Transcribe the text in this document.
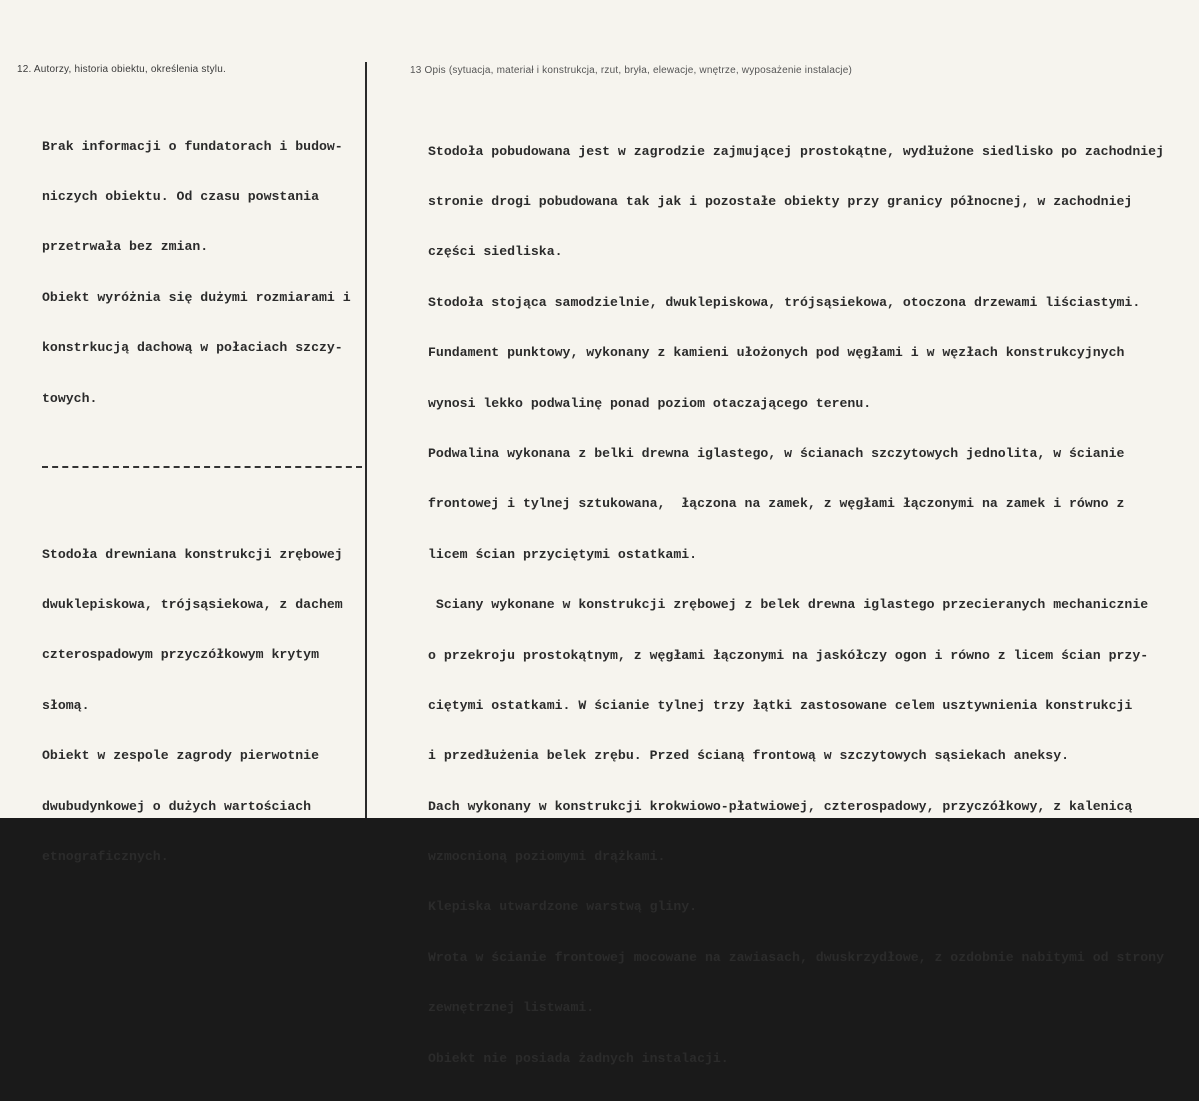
12. Autorzy, historia obiektu, określenia stylu.	13 Opis (sytuacja, materiał i konstrukcja, rzut, bryła, elewacje, wnętrze, wyposażenie instalacje)

Brak informacji o fundatorach i budow-

niczych obiektu. Od czasu powstania

przetrwała bez zmian.

Obiekt wyróżnia się dużymi rozmiarami i

konstrkucją dachową w połaciach szczy-

towych.

Stodoła drewniana konstrukcji zrębowej

dwuklepiskowa, trójsąsiekowa, z dachem

czterospadowym przyczółkowym krytym

słomą.

Obiekt w zespole zagrody pierwotnie

dwubudynkowej o dużych wartościach

etnograficznych.

Stodoła pobudowana jest w zagrodzie zajmującej prostokątne, wydłużone siedlisko po zachodniej

stronie drogi pobudowana tak jak i pozostałe obiekty przy granicy północnej, w zachodniej

części siedliska.

Stodoła stojąca samodzielnie, dwuklepiskowa, trójsąsiekowa, otoczona drzewami liściastymi.

Fundament punktowy, wykonany z kamieni ułożonych pod węgłami i w węzłach konstrukcyjnych

wynosi lekko podwalinę ponad poziom otaczającego terenu.

Podwalina wykonana z belki drewna iglastego, w ścianach szczytowych jednolita, w ścianie

frontowej i tylnej sztukowana,  łączona na zamek, z węgłami łączonymi na zamek i równo z

licem ścian przyciętymi ostatkami.

Sciany wykonane w konstrukcji zrębowej z belek drewna iglastego przecieranych mechanicznie

o przekroju prostokątnym, z węgłami łączonymi na jaskółczy ogon i równo z licem ścian przy-

ciętymi ostatkami. W ścianie tylnej trzy łątki zastosowane celem usztywnienia konstrukcji

i przedłużenia belek zrębu. Przed ścianą frontową w szczytowych sąsiekach aneksy.

Dach wykonany w konstrukcji krokwiowo-płatwiowej, czterospadowy, przyczółkowy, z kalenicą

wzmocnioną poziomymi drążkami.

Klepiska utwardzone warstwą gliny.

Wrota w ścianie frontowej mocowane na zawiasach, dwuskrzydłowe, z ozdobnie nabitymi od strony

zewnętrznej listwami.

Obiekt nie posiada żadnych instalacji.
